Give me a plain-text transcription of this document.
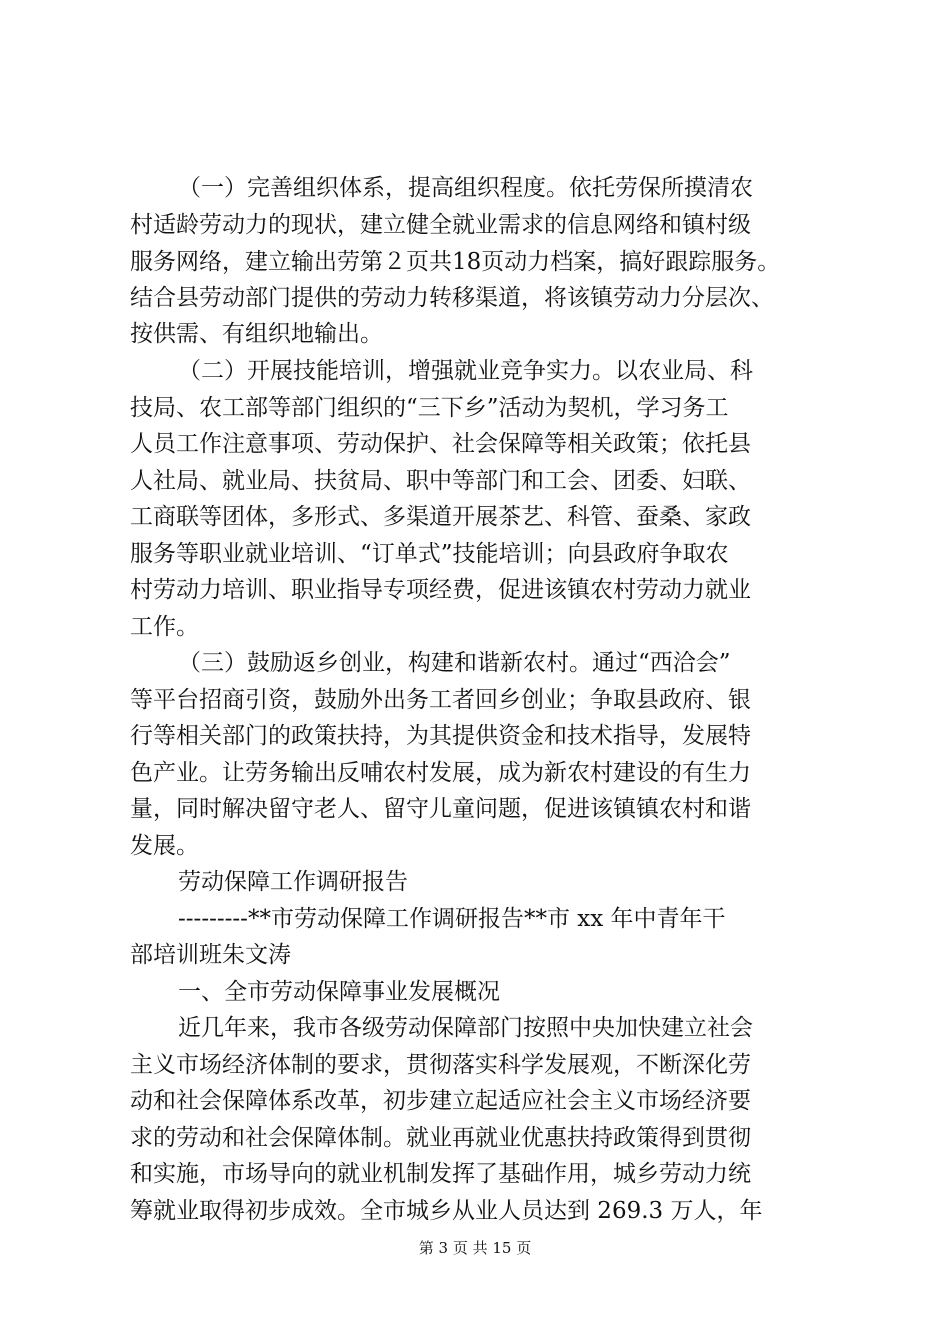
（一）完善组织体系，提高组织程度。依托劳保所摸清农
村适龄劳动力的现状，建立健全就业需求的信息网络和镇村级
服务网络，建立输出劳第２页共18页动力档案，搞好跟踪服务。
结合县劳动部门提供的劳动力转移渠道，将该镇劳动力分层次、
按供需、有组织地输出。
（二）开展技能培训，增强就业竞争实力。以农业局、科
技局、农工部等部门组织的“三下乡”活动为契机，学习务工
人员工作注意事项、劳动保护、社会保障等相关政策；依托县
人社局、就业局、扶贫局、职中等部门和工会、团委、妇联、
工商联等团体，多形式、多渠道开展茶艺、科管、蚕桑、家政
服务等职业就业培训、“订单式”技能培训；向县政府争取农
村劳动力培训、职业指导专项经费，促进该镇农村劳动力就业
工作。
（三）鼓励返乡创业，构建和谐新农村。通过“西洽会”
等平台招商引资，鼓励外出务工者回乡创业；争取县政府、银
行等相关部门的政策扶持，为其提供资金和技术指导，发展特
色产业。让劳务输出反哺农村发展，成为新农村建设的有生力
量，同时解决留守老人、留守儿童问题，促进该镇镇农村和谐
发展。
劳动保障工作调研报告
---------**市劳动保障工作调研报告**市 xx 年中青年干
部培训班朱文涛
一、全市劳动保障事业发展概况
近几年来，我市各级劳动保障部门按照中央加快建立社会
主义市场经济体制的要求，贯彻落实科学发展观，不断深化劳
动和社会保障体系改革，初步建立起适应社会主义市场经济要
求的劳动和社会保障体制。就业再就业优惠扶持政策得到贯彻
和实施，市场导向的就业机制发挥了基础作用，城乡劳动力统
筹就业取得初步成效。全市城乡从业人员达到 269.3 万人，年
第 3 页 共 15 页
